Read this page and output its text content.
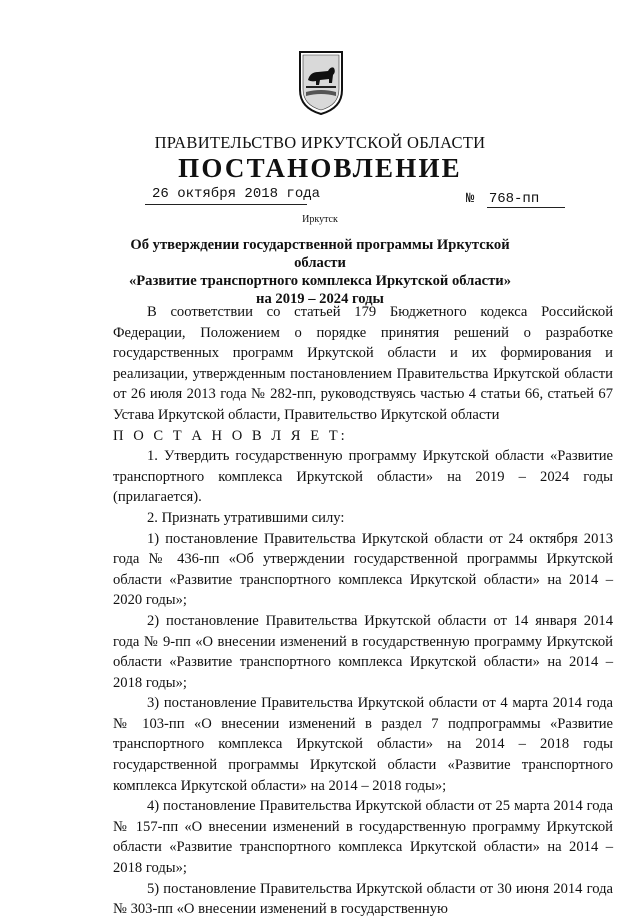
ПРАВИТЕЛЬСТВО ИРКУТСКОЙ ОБЛАСТИ
ПОСТАНОВЛЕНИЕ
26 октября 2018 года	№ 768-пп
Иркутск
Об утверждении государственной программы Иркутской области
«Развитие транспортного комплекса Иркутской области»
на 2019 – 2024 годы

В соответствии со статьей 179 Бюджетного кодекса Российской Федерации, Положением о порядке принятия решений о разработке государственных программ Иркутской области и их формирования и реализации, утвержденным постановлением Правительства Иркутской области от 26 июля 2013 года № 282-пп, руководствуясь частью 4 статьи 66, статьей 67 Устава Иркутской области, Правительство Иркутской области

П О С Т А Н О В Л Я Е Т:

1. Утвердить государственную программу Иркутской области «Развитие транспортного комплекса Иркутской области» на 2019 – 2024 годы (прилагается).

2. Признать утратившими силу:

1) постановление Правительства Иркутской области от 24 октября 2013 года № 436-пп «Об утверждении государственной программы Иркутской области «Развитие транспортного комплекса Иркутской области» на 2014 – 2020 годы»;

2) постановление Правительства Иркутской области от 14 января 2014 года № 9-пп «О внесении изменений в государственную программу Иркутской области «Развитие транспортного комплекса Иркутской области» на 2014 – 2018 годы»;

3) постановление Правительства Иркутской области от 4 марта 2014 года № 103-пп «О внесении изменений в раздел 7 подпрограммы «Развитие транспортного комплекса Иркутской области» на 2014 – 2018 годы государственной программы Иркутской области «Развитие транспортного комплекса Иркутской области» на 2014 – 2018 годы»;

4) постановление Правительства Иркутской области от 25 марта 2014 года № 157-пп «О внесении изменений в государственную программу Иркутской области «Развитие транспортного комплекса Иркутской области» на 2014 – 2018 годы»;

5) постановление Правительства Иркутской области от 30 июня 2014 года № 303-пп «О внесении изменений в государственную
